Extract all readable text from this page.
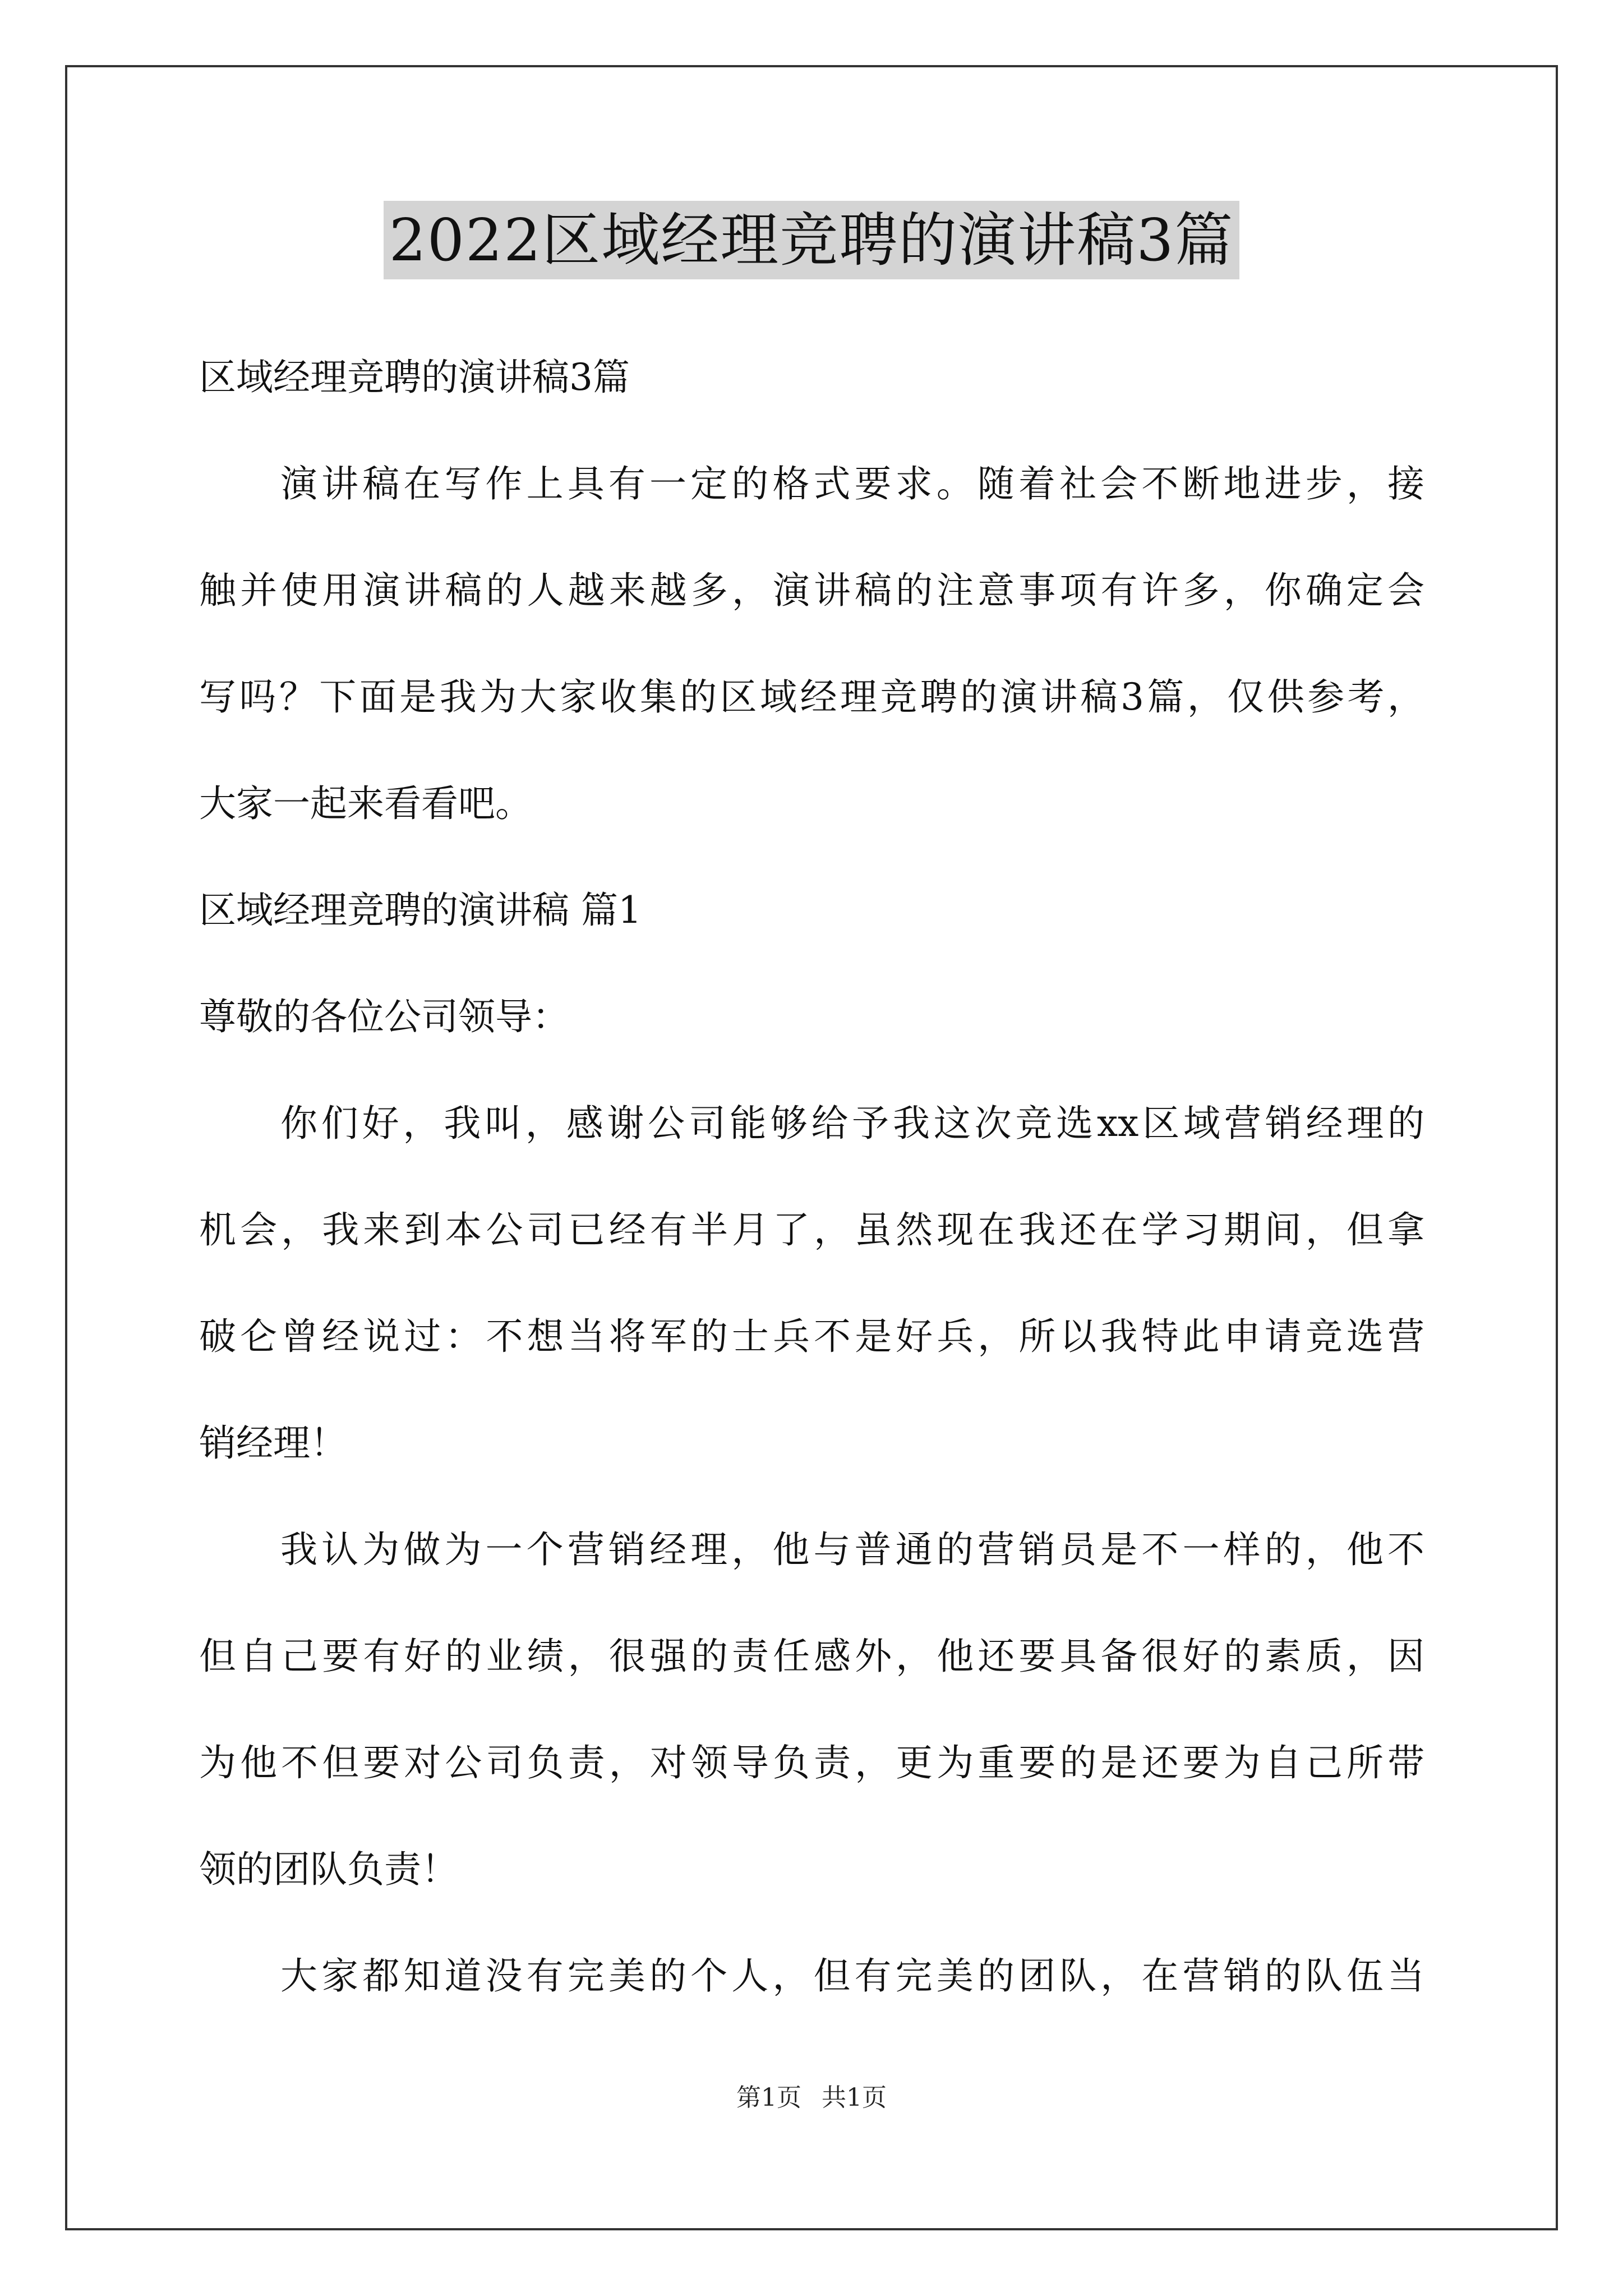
2022区域经理竞聘的演讲稿3篇
区域经理竞聘的演讲稿3篇
演讲稿在写作上具有一定的格式要求。随着社会不断地进步，接
触并使用演讲稿的人越来越多，演讲稿的注意事项有许多，你确定会
写吗？下面是我为大家收集的区域经理竞聘的演讲稿3篇，仅供参考，
大家一起来看看吧。
区域经理竞聘的演讲稿 篇1
尊敬的各位公司领导：
你们好，我叫，感谢公司能够给予我这次竞选xx区域营销经理的
机会，我来到本公司已经有半月了，虽然现在我还在学习期间，但拿
破仑曾经说过：不想当将军的士兵不是好兵，所以我特此申请竞选营
销经理！
我认为做为一个营销经理，他与普通的营销员是不一样的，他不
但自己要有好的业绩，很强的责任感外，他还要具备很好的素质，因
为他不但要对公司负责，对领导负责，更为重要的是还要为自己所带
领的团队负责！
大家都知道没有完美的个人，但有完美的团队，在营销的队伍当
第1页 共1页
